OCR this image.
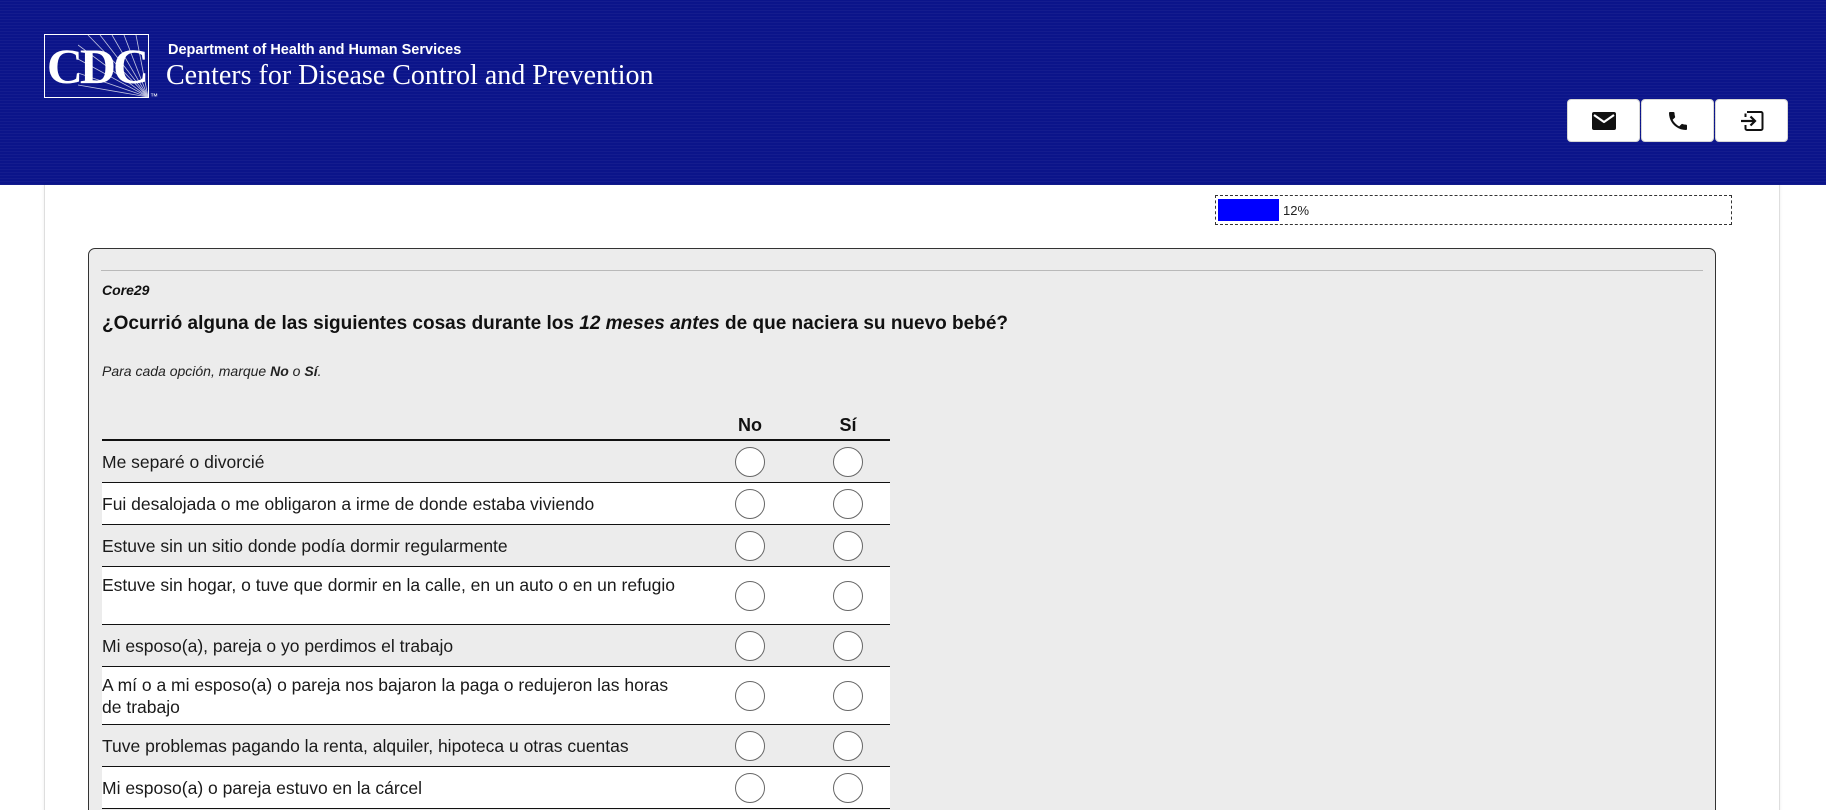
CDC
™
Department of Health and Human Services
Centers for Disease Control and Prevention
12%
Core29
¿Ocurrió alguna de las siguientes cosas durante los 12 meses antes de que naciera su nuevo bebé?
Para cada opción, marque No o Sí.
No	Sí
Me separé o divorcié
Fui desalojada o me obligaron a irme de donde estaba viviendo
Estuve sin un sitio donde podía dormir regularmente
Estuve sin hogar, o tuve que dormir en la calle, en un auto o en un refugio
Mi esposo(a), pareja o yo perdimos el trabajo
A mí o a mi esposo(a) o pareja nos bajaron la paga o redujeron las horas de trabajo
Tuve problemas pagando la renta, alquiler, hipoteca u otras cuentas
Mi esposo(a) o pareja estuvo en la cárcel
